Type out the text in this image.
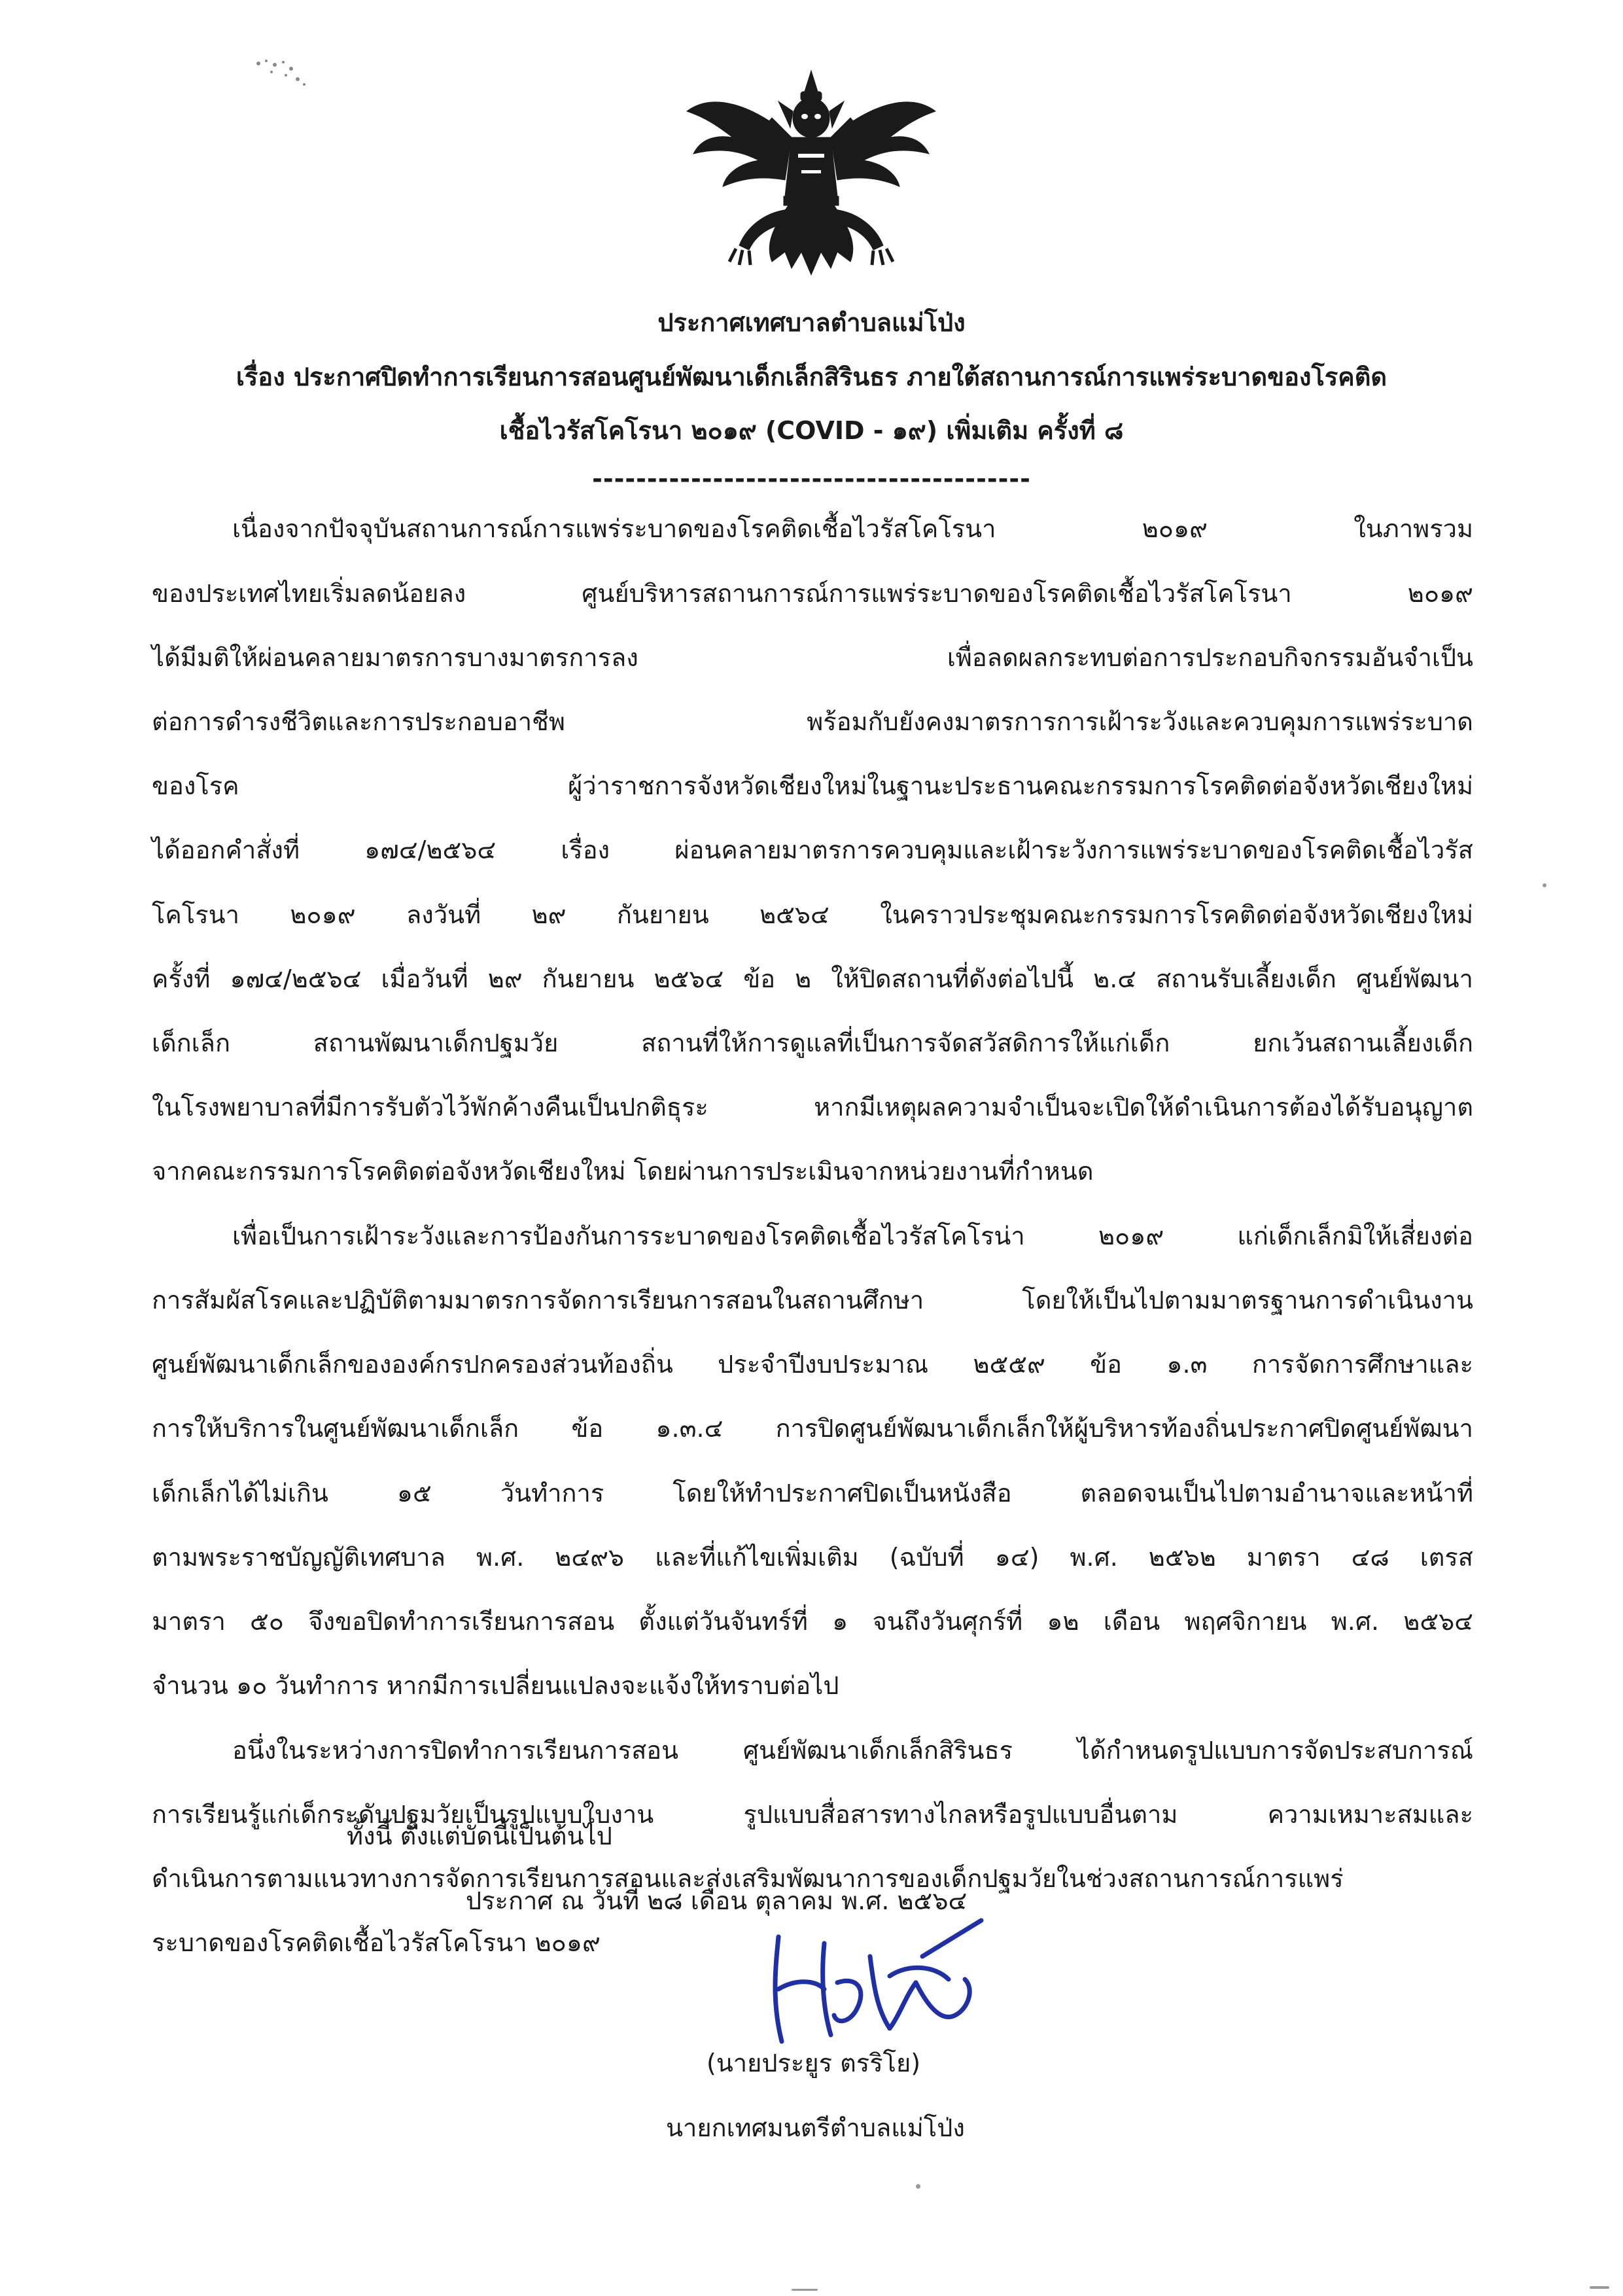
ประกาศเทศบาลตำบลแม่โป่ง
เรื่อง ประกาศปิดทำการเรียนการสอนศูนย์พัฒนาเด็กเล็กสิรินธร ภายใต้สถานการณ์การแพร่ระบาดของโรคติด
เชื้อไวรัสโคโรนา ๒๐๑๙ (COVID - ๑๙) เพิ่มเติม ครั้งที่ ๘
----------------------------------------
เนื่องจากปัจจุบันสถานการณ์การแพร่ระบาดของโรคติดเชื้อไวรัสโคโรนา ๒๐๑๙ ในภาพรวม
ของประเทศไทยเริ่มลดน้อยลง ศูนย์บริหารสถานการณ์การแพร่ระบาดของโรคติดเชื้อไวรัสโคโรนา ๒๐๑๙
ได้มีมติให้ผ่อนคลายมาตรการบางมาตรการลง เพื่อลดผลกระทบต่อการประกอบกิจกรรมอันจำเป็น
ต่อการดำรงชีวิตและการประกอบอาชีพ พร้อมกับยังคงมาตรการการเฝ้าระวังและควบคุมการแพร่ระบาด
ของโรค ผู้ว่าราชการจังหวัดเชียงใหม่ในฐานะประธานคณะกรรมการโรคติดต่อจังหวัดเชียงใหม่
ได้ออกคำสั่งที่ ๑๗๔/๒๕๖๔ เรื่อง ผ่อนคลายมาตรการควบคุมและเฝ้าระวังการแพร่ระบาดของโรคติดเชื้อไวรัส
โคโรนา ๒๐๑๙ ลงวันที่ ๒๙ กันยายน ๒๕๖๔ ในคราวประชุมคณะกรรมการโรคติดต่อจังหวัดเชียงใหม่
ครั้งที่ ๑๗๔/๒๕๖๔ เมื่อวันที่ ๒๙ กันยายน ๒๕๖๔ ข้อ ๒ ให้ปิดสถานที่ดังต่อไปนี้ ๒.๔ สถานรับเลี้ยงเด็ก ศูนย์พัฒนา
เด็กเล็ก สถานพัฒนาเด็กปฐมวัย สถานที่ให้การดูแลที่เป็นการจัดสวัสดิการให้แก่เด็ก ยกเว้นสถานเลี้ยงเด็ก
ในโรงพยาบาลที่มีการรับตัวไว้พักค้างคืนเป็นปกติธุระ หากมีเหตุผลความจำเป็นจะเปิดให้ดำเนินการต้องได้รับอนุญาต
จากคณะกรรมการโรคติดต่อจังหวัดเชียงใหม่ โดยผ่านการประเมินจากหน่วยงานที่กำหนด
เพื่อเป็นการเฝ้าระวังและการป้องกันการระบาดของโรคติดเชื้อไวรัสโคโรน่า ๒๐๑๙ แก่เด็กเล็กมิให้เสี่ยงต่อ
การสัมผัสโรคและปฏิบัติตามมาตรการจัดการเรียนการสอนในสถานศึกษา โดยให้เป็นไปตามมาตรฐานการดำเนินงาน
ศูนย์พัฒนาเด็กเล็กขององค์กรปกครองส่วนท้องถิ่น ประจำปีงบประมาณ ๒๕๕๙ ข้อ ๑.๓ การจัดการศึกษาและ
การให้บริการในศูนย์พัฒนาเด็กเล็ก ข้อ ๑.๓.๔ การปิดศูนย์พัฒนาเด็กเล็กให้ผู้บริหารท้องถิ่นประกาศปิดศูนย์พัฒนา
เด็กเล็กได้ไม่เกิน ๑๕ วันทำการ โดยให้ทำประกาศปิดเป็นหนังสือ ตลอดจนเป็นไปตามอำนาจและหน้าที่
ตามพระราชบัญญัติเทศบาล พ.ศ. ๒๔๙๖ และที่แก้ไขเพิ่มเติม (ฉบับที่ ๑๔) พ.ศ. ๒๕๖๒ มาตรา ๔๘ เตรส
มาตรา ๕๐ จึงขอปิดทำการเรียนการสอน ตั้งแต่วันจันทร์ที่ ๑ จนถึงวันศุกร์ที่ ๑๒ เดือน พฤศจิกายน พ.ศ. ๒๕๖๔
จำนวน ๑๐ วันทำการ หากมีการเปลี่ยนแปลงจะแจ้งให้ทราบต่อไป
อนึ่งในระหว่างการปิดทำการเรียนการสอน ศูนย์พัฒนาเด็กเล็กสิรินธร ได้กำหนดรูปแบบการจัดประสบการณ์
การเรียนรู้แก่เด็กระดับปฐมวัยเป็นรูปแบบใบงาน รูปแบบสื่อสารทางไกลหรือรูปแบบอื่นตาม ความเหมาะสมและ
ดำเนินการตามแนวทางการจัดการเรียนการสอนและส่งเสริมพัฒนาการของเด็กปฐมวัยในช่วงสถานการณ์การแพร่
ระบาดของโรคติดเชื้อไวรัสโคโรนา ๒๐๑๙
ทั้งนี้ ตั้งแต่บัดนี้เป็นต้นไป
ประกาศ ณ วันที่ ๒๘ เดือน ตุลาคม พ.ศ. ๒๕๖๔
(นายประยูร ตรริโย)
นายกเทศมนตรีตำบลแม่โป่ง
